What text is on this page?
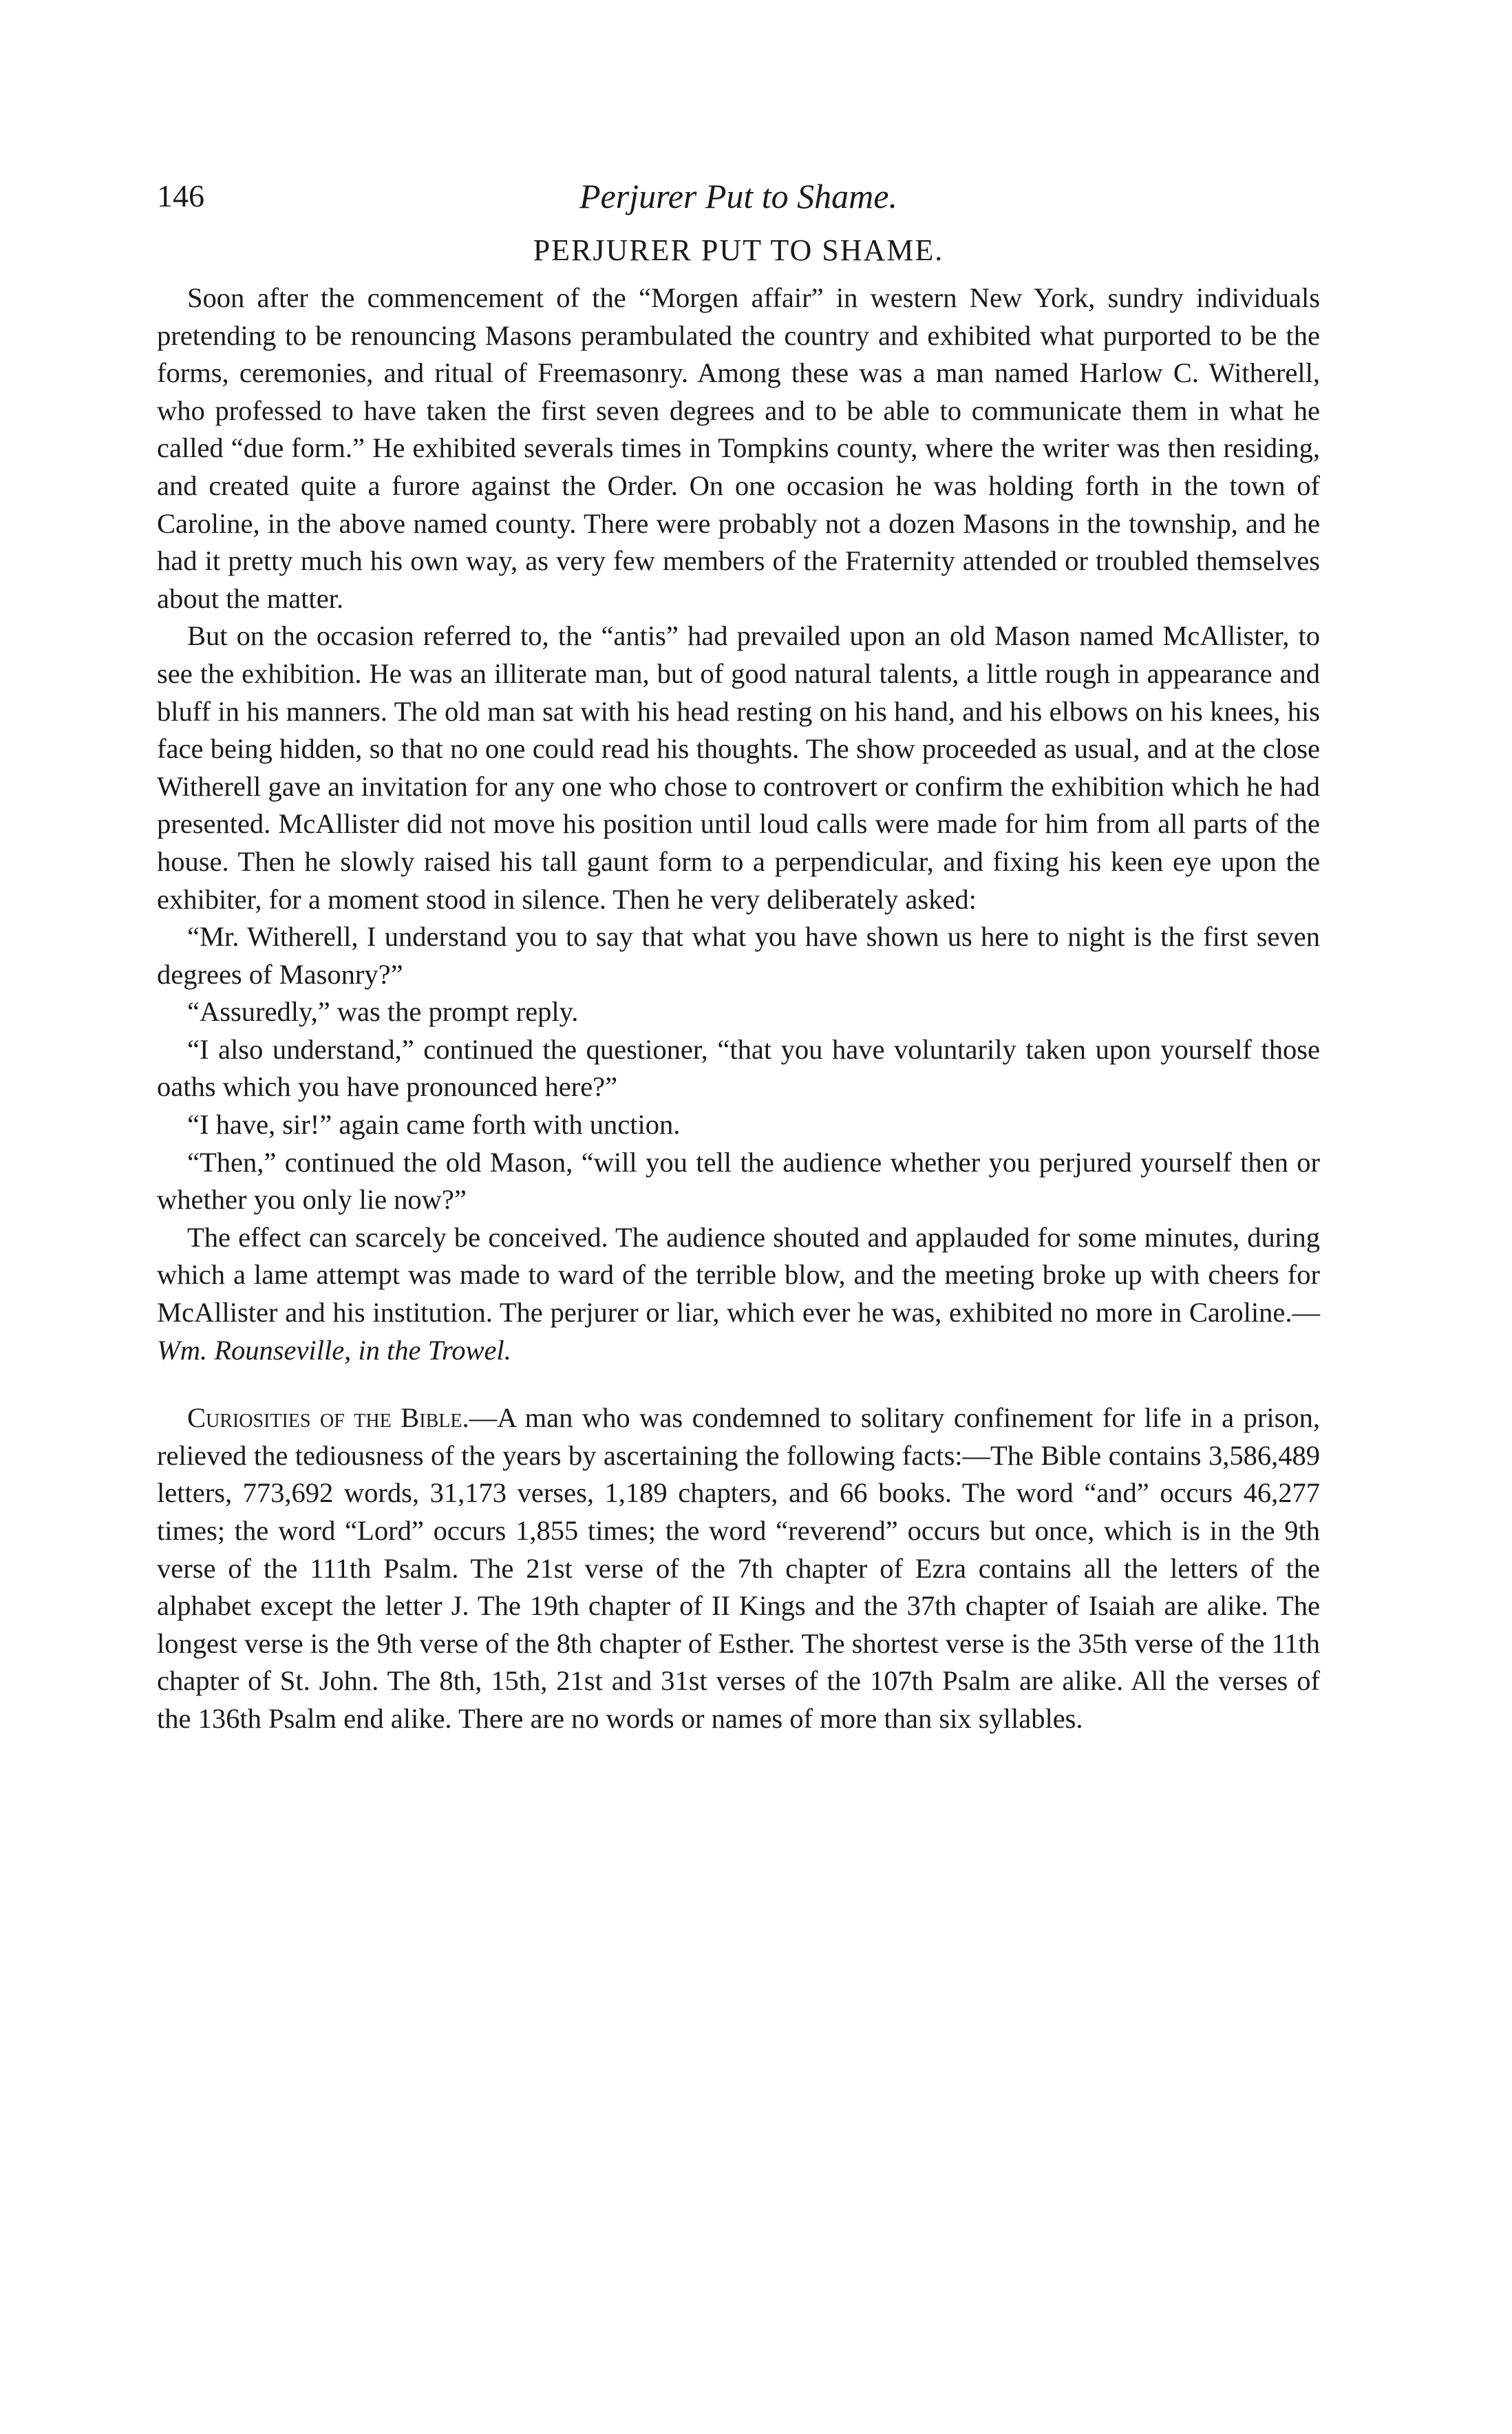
146	Perjurer Put to Shame.
PERJURER PUT TO SHAME.

Soon after the commencement of the “Morgen affair” in western New York, sundry individuals pretending to be renouncing Masons perambulated the country and exhibited what purported to be the forms, ceremonies, and ritual of Freemasonry. Among these was a man named Harlow C. Witherell, who professed to have taken the first seven degrees and to be able to communicate them in what he called “due form.” He exhibited severals times in Tompkins county, where the writer was then residing, and created quite a furore against the Order. On one occasion he was holding forth in the town of Caroline, in the above named county. There were probably not a dozen Masons in the township, and he had it pretty much his own way, as very few members of the Fraternity attended or troubled themselves about the matter.

But on the occasion referred to, the “antis” had prevailed upon an old Mason named McAllister, to see the exhibition. He was an illiterate man, but of good natural talents, a little rough in appearance and bluff in his manners. The old man sat with his head resting on his hand, and his elbows on his knees, his face being hidden, so that no one could read his thoughts. The show proceeded as usual, and at the close Witherell gave an invitation for any one who chose to controvert or confirm the exhibition which he had presented. McAllister did not move his position until loud calls were made for him from all parts of the house. Then he slowly raised his tall gaunt form to a perpendicular, and fixing his keen eye upon the exhibiter, for a moment stood in silence. Then he very deliberately asked:

“Mr. Witherell, I understand you to say that what you have shown us here to night is the first seven degrees of Masonry?”

“Assuredly,” was the prompt reply.

“I also understand,” continued the questioner, “that you have voluntarily taken upon yourself those oaths which you have pronounced here?”

“I have, sir!” again came forth with unction.

“Then,” continued the old Mason, “will you tell the audience whether you perjured yourself then or whether you only lie now?”

The effect can scarcely be conceived. The audience shouted and applauded for some minutes, during which a lame attempt was made to ward of the terrible blow, and the meeting broke up with cheers for McAllister and his institution. The perjurer or liar, which ever he was, exhibited no more in Caroline.—Wm. Rounseville, in the Trowel.

Curiosities of the Bible.—A man who was condemned to solitary confinement for life in a prison, relieved the tediousness of the years by ascertaining the following facts:—The Bible contains 3,586,489 letters, 773,692 words, 31,173 verses, 1,189 chapters, and 66 books. The word “and” occurs 46,277 times; the word “Lord” occurs 1,855 times; the word “reverend” occurs but once, which is in the 9th verse of the 111th Psalm. The 21st verse of the 7th chapter of Ezra contains all the letters of the alphabet except the letter J. The 19th chapter of II Kings and the 37th chapter of Isaiah are alike. The longest verse is the 9th verse of the 8th chapter of Esther. The shortest verse is the 35th verse of the 11th chapter of St. John. The 8th, 15th, 21st and 31st verses of the 107th Psalm are alike. All the verses of the 136th Psalm end alike. There are no words or names of more than six syllables.
